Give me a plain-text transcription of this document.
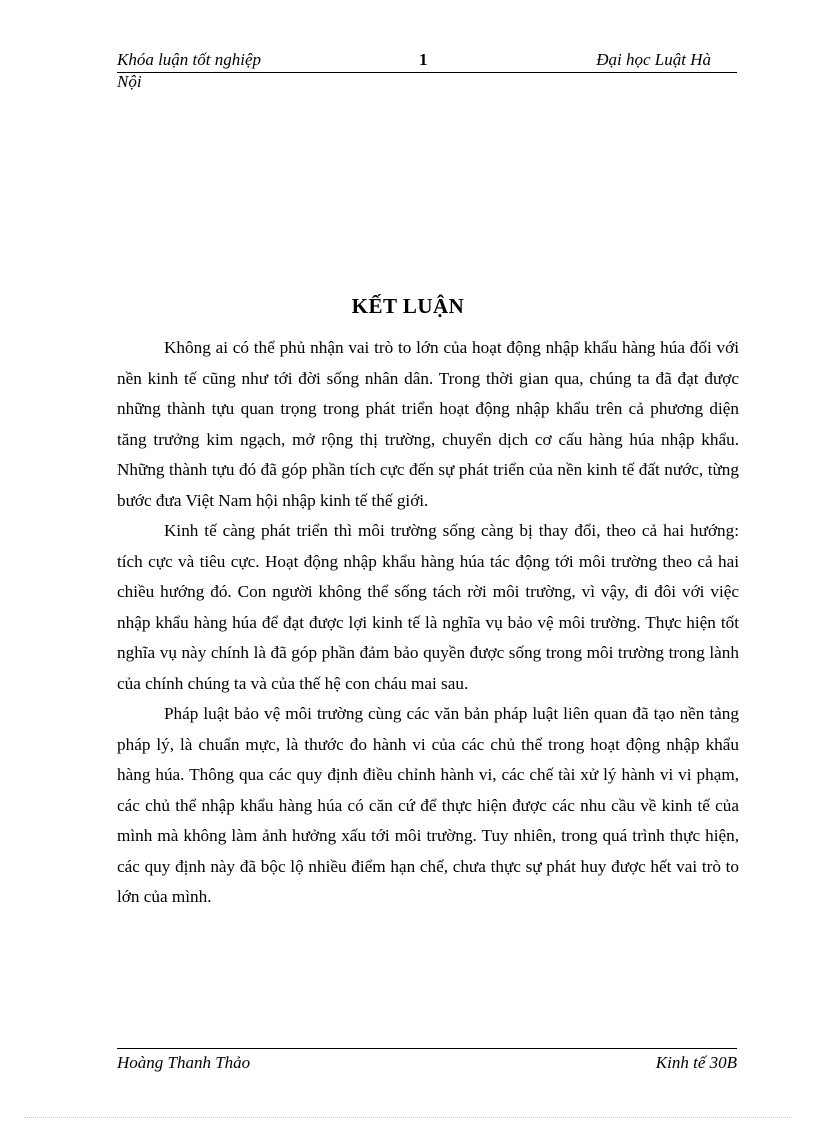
Khóa luận tốt nghiệp	1	Đại học Luật Hà
Nội
KẾT LUẬN

Không ai có thể phủ nhận vai trò to lớn của hoạt động nhập khẩu hàng húa đối với nền kinh tế cũng như tới đời sống nhân dân. Trong thời gian qua, chúng ta đã đạt được những thành tựu quan trọng trong phát triển hoạt động nhập khẩu trên cả phương diện tăng trưởng kim ngạch, mở rộng thị trường, chuyển dịch cơ cấu hàng húa nhập khẩu. Những thành tựu đó đã góp phần tích cực đến sự phát triển của nền kinh tế đất nước, từng bước đưa Việt Nam hội nhập kinh tế thế giới.

Kinh tế càng phát triển thì môi trường sống càng bị thay đổi, theo cả hai hướng: tích cực và tiêu cực. Hoạt động nhập khẩu hàng húa tác động tới môi trường theo cả hai chiều hướng đó. Con người không thể sống tách rời môi trường, vì vậy, đi đôi với việc nhập khẩu hàng húa để đạt được lợi kinh tế là nghĩa vụ bảo vệ môi trường. Thực hiện tốt nghĩa vụ này chính là đã góp phần đảm bảo quyền được sống trong môi trường trong lành của chính chúng ta và của thế hệ con cháu mai sau.

Pháp luật bảo vệ môi trường cùng các văn bản pháp luật liên quan đã tạo nền tảng pháp lý, là chuẩn mực, là thước đo hành vi của các chủ thể trong hoạt động nhập khẩu hàng húa. Thông qua các quy định điều chỉnh hành vi, các chế tài xử lý hành vi vi phạm, các chủ thể nhập khẩu hàng húa có căn cứ để thực hiện được các nhu cầu về kinh tế của mình mà không làm ảnh hưởng xấu tới môi trường. Tuy nhiên, trong quá trình thực hiện, các quy định này đã bộc lộ nhiều điểm hạn chế, chưa thực sự phát huy được hết vai trò to lớn của mình.

Hoàng Thanh Thảo	Kinh tế 30B
